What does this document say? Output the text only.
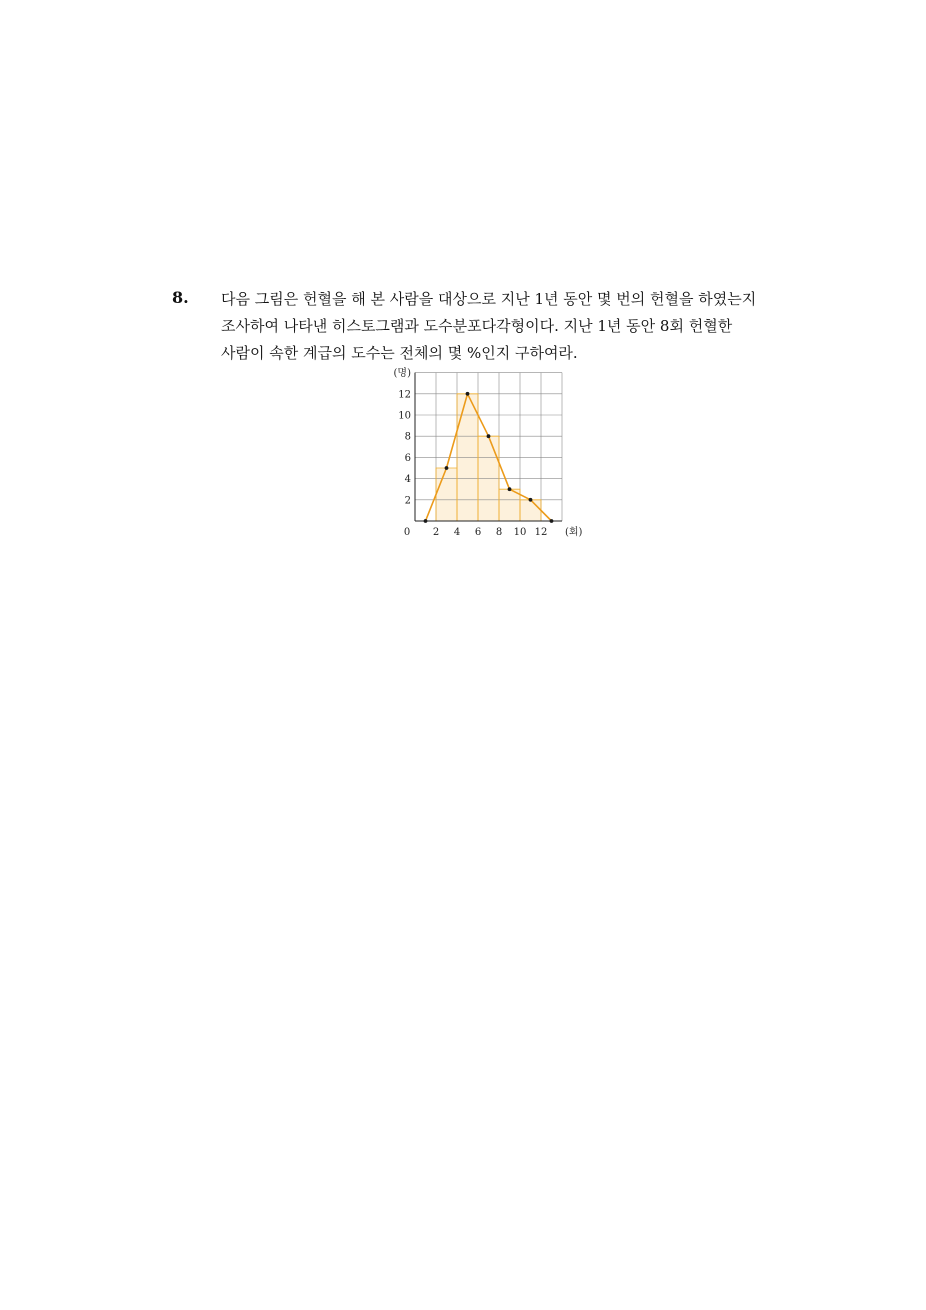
8. 다음 그림은 헌혈을 해 본 사람을 대상으로 지난 1년 동안 몇 번의 헌혈을 하였는지
조사하여 나타낸 히스토그램과 도수분포다각형이다. 지난 1년 동안 8회 헌혈한
사람이 속한 계급의 도수는 전체의 몇 %인지 구하여라.
2 4 6 8 10 12
2
4
6
8
10
12
0
(명)
(회)
